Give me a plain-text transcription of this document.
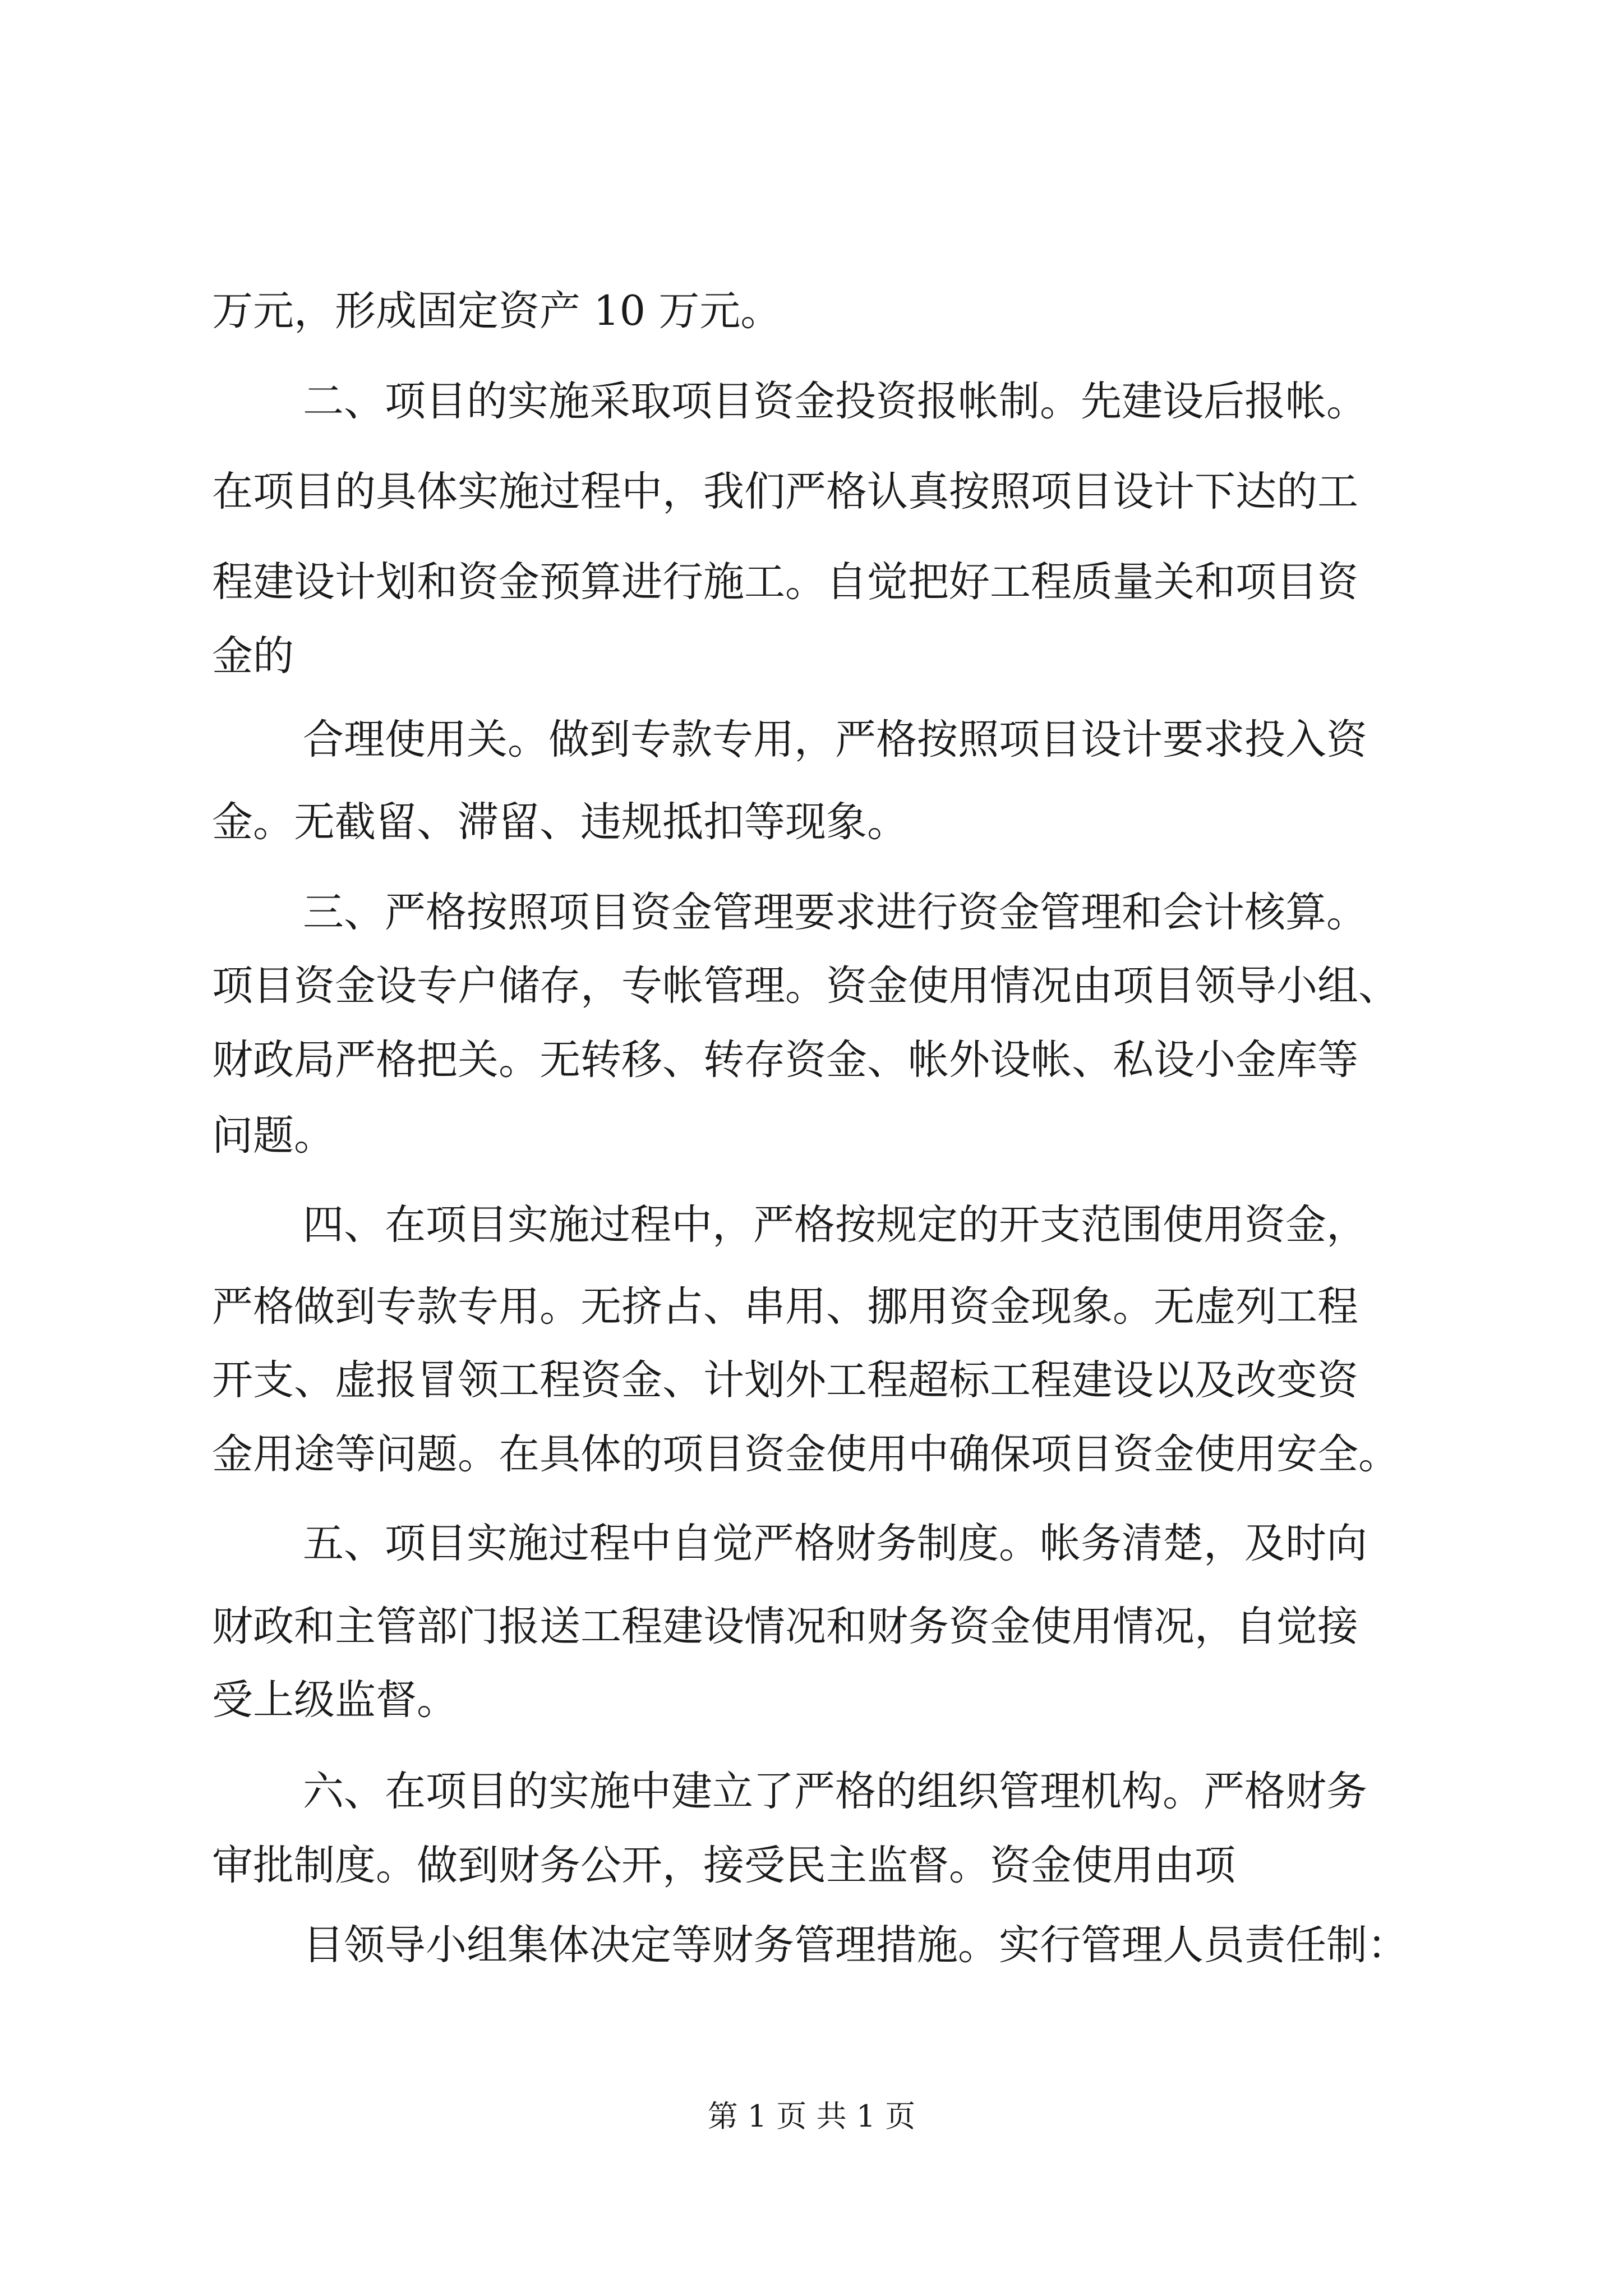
万元，形成固定资产 10 万元。
二、项目的实施采取项目资金投资报帐制。先建设后报帐。
在项目的具体实施过程中，我们严格认真按照项目设计下达的工
程建设计划和资金预算进行施工。自觉把好工程质量关和项目资
金的
合理使用关。做到专款专用，严格按照项目设计要求投入资
金。无截留、滞留、违规抵扣等现象。
三、严格按照项目资金管理要求进行资金管理和会计核算。
项目资金设专户储存，专帐管理。资金使用情况由项目领导小组、
财政局严格把关。无转移、转存资金、帐外设帐、私设小金库等
问题。
四、在项目实施过程中，严格按规定的开支范围使用资金，
严格做到专款专用。无挤占、串用、挪用资金现象。无虚列工程
开支、虚报冒领工程资金、计划外工程超标工程建设以及改变资
金用途等问题。在具体的项目资金使用中确保项目资金使用安全。
五、项目实施过程中自觉严格财务制度。帐务清楚，及时向
财政和主管部门报送工程建设情况和财务资金使用情况，自觉接
受上级监督。
六、在项目的实施中建立了严格的组织管理机构。严格财务
审批制度。做到财务公开，接受民主监督。资金使用由项
目领导小组集体决定等财务管理措施。实行管理人员责任制：
第 1 页 共 1 页
